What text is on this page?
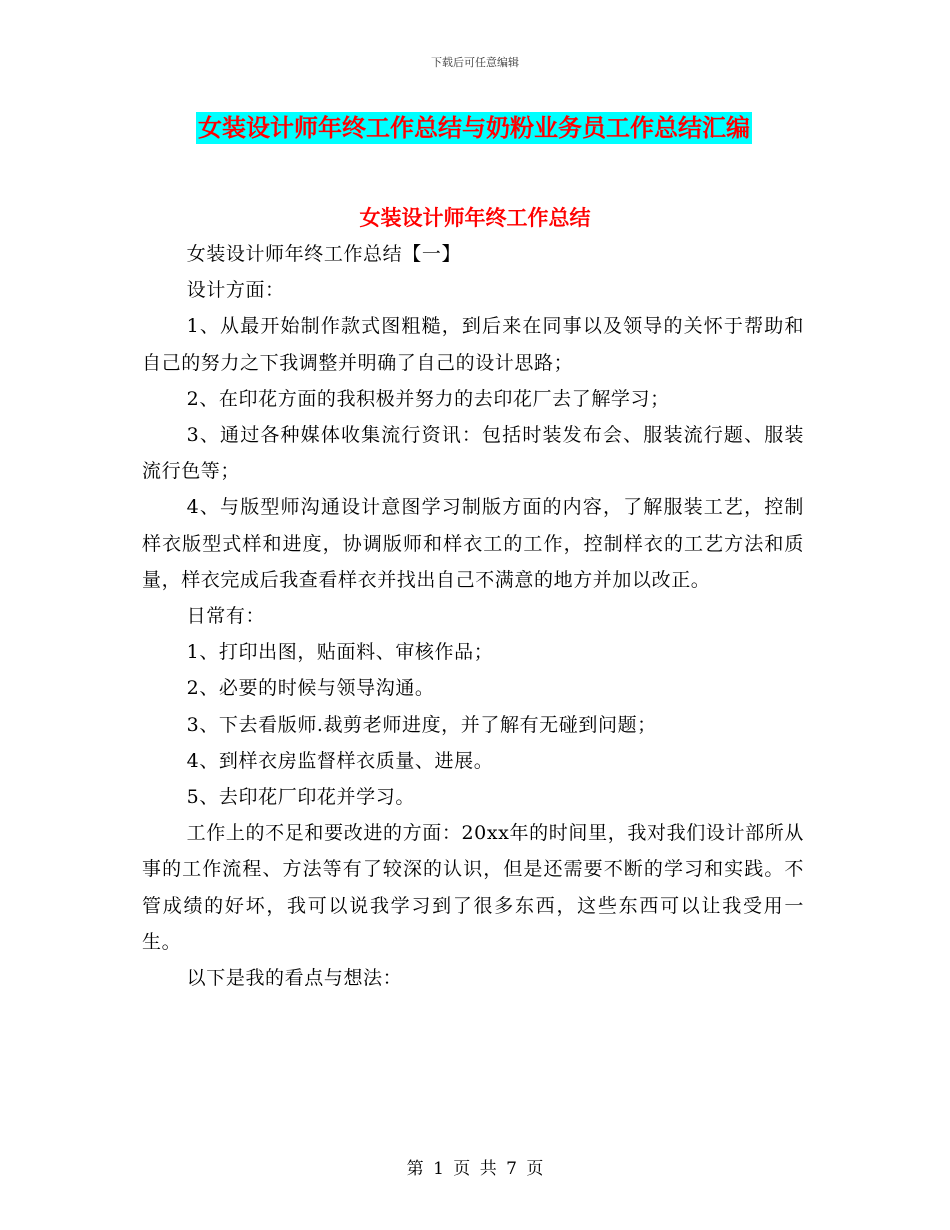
下载后可任意编辑
女装设计师年终工作总结与奶粉业务员工作总结汇编
女装设计师年终工作总结

女装设计师年终工作总结【一】

设计方面：

1、从最开始制作款式图粗糙，到后来在同事以及领导的关怀于帮助和自己的努力之下我调整并明确了自己的设计思路；

2、在印花方面的我积极并努力的去印花厂去了解学习；

3、通过各种媒体收集流行资讯：包括时装发布会、服装流行题、服装流行色等；

4、与版型师沟通设计意图学习制版方面的内容，了解服装工艺，控制样衣版型式样和进度，协调版师和样衣工的工作，控制样衣的工艺方法和质量，样衣完成后我查看样衣并找出自己不满意的地方并加以改正。

日常有：

1、打印出图，贴面料、审核作品；

2、必要的时候与领导沟通。

3、下去看版师.裁剪老师进度，并了解有无碰到问题；

4、到样衣房监督样衣质量、进展。

5、去印花厂印花并学习。

工作上的不足和要改进的方面：20xx年的时间里，我对我们设计部所从事的工作流程、方法等有了较深的认识，但是还需要不断的学习和实践。不管成绩的好坏，我可以说我学习到了很多东西，这些东西可以让我受用一生。

以下是我的看点与想法：

第 1 页 共 7 页
